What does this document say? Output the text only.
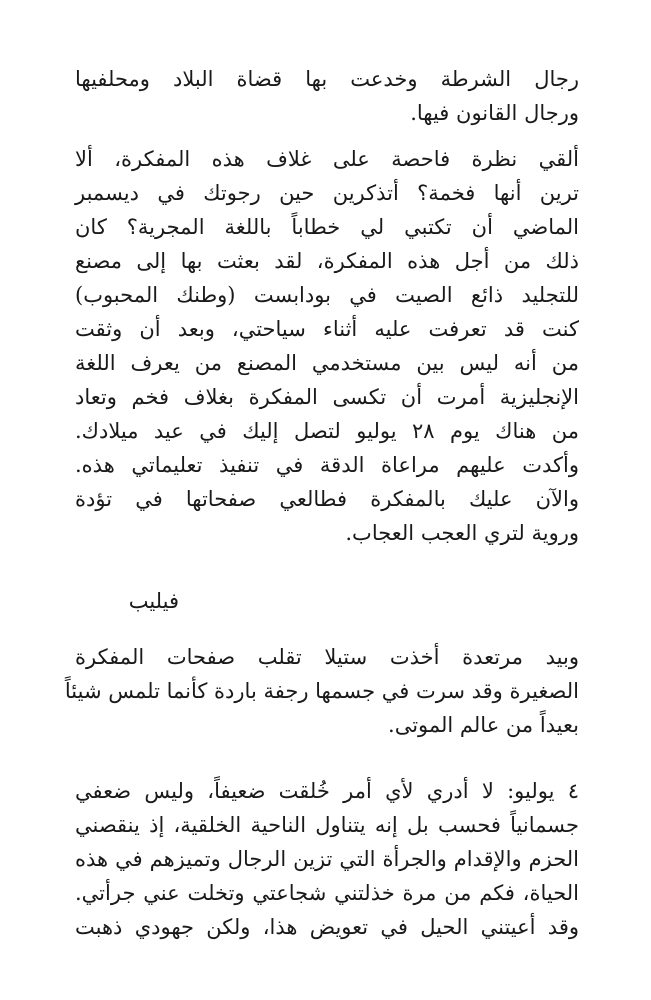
رجال الشرطة وخدعت بها قضاة البلاد ومحلفيها
ورجال القانون فيها.
ألقي نظرة فاحصة على غلاف هذه المفكرة، ألا
ترين أنها فخمة؟ أتذكرين حين رجوتك في ديسمبر
الماضي أن تكتبي لي خطاباً باللغة المجرية؟ كان
ذلك من أجل هذه المفكرة، لقد بعثت بها إلى مصنع
للتجليد ذائع الصيت في بودابست (وطنك المحبوب)
كنت قد تعرفت عليه أثناء سياحتي، وبعد أن وثقت
من أنه ليس بين مستخدمي المصنع من يعرف اللغة
الإنجليزية أمرت أن تكسى المفكرة بغلاف فخم وتعاد
من هناك يوم ٢٨ يوليو لتصل إليك في عيد ميلادك.
وأكدت عليهم مراعاة الدقة في تنفيذ تعليماتي هذه.
والآن عليك بالمفكرة فطالعي صفحاتها في تؤدة
وروية لتري العجب العجاب.
فيليب
وبيد مرتعدة أخذت ستيلا تقلب صفحات المفكرة
الصغيرة وقد سرت في جسمها رجفة باردة كأنما تلمس شيئاً
بعيداً من عالم الموتى.
٤ يوليو: لا أدري لأي أمر خُلقت ضعيفاً، وليس ضعفي
جسمانياً فحسب بل إنه يتناول الناحية الخلقية، إذ ينقصني
الحزم والإقدام والجرأة التي تزين الرجال وتميزهم في هذه
الحياة، فكم من مرة خذلتني شجاعتي وتخلت عني جرأتي.
وقد أعيتني الحيل في تعويض هذا، ولكن جهودي ذهبت
